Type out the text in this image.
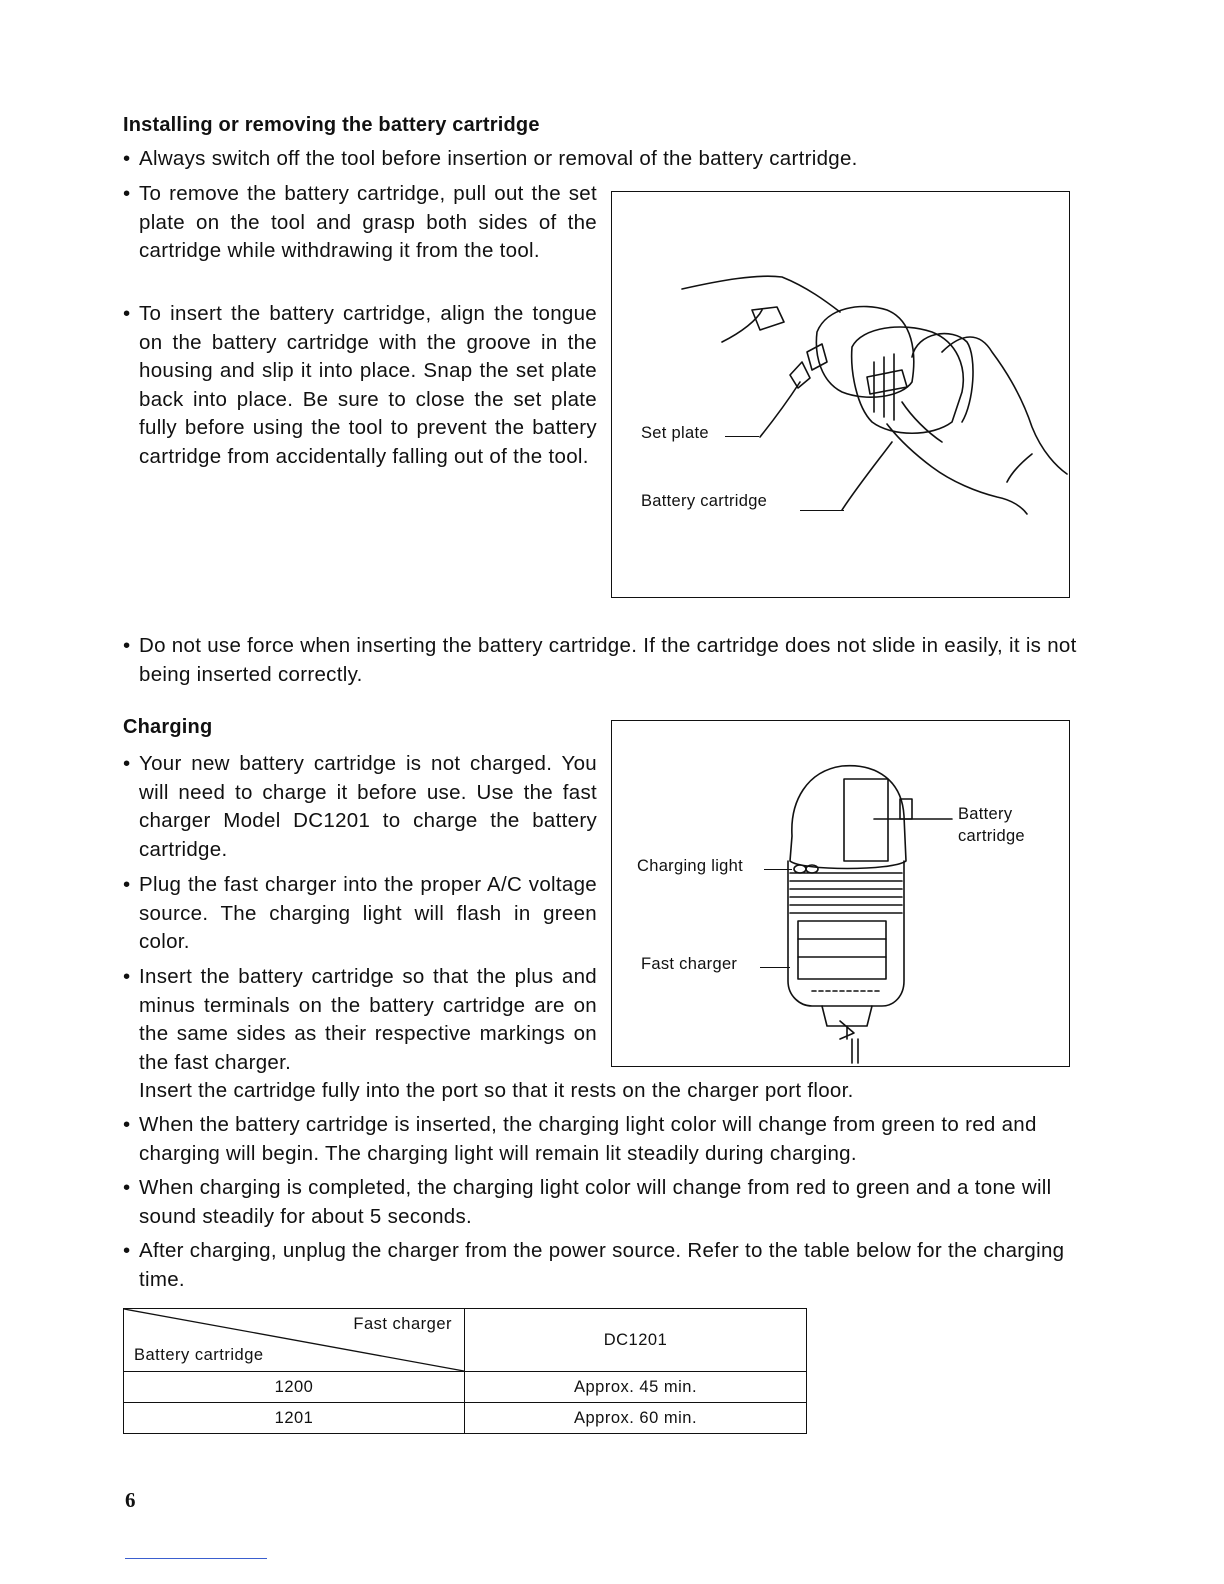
Installing or removing the battery cartridge

• Always switch off the tool before insertion or removal of the battery cartridge.

• To remove the battery cartridge, pull out the set plate on the tool and grasp both sides of the cartridge while withdrawing it from the tool.

• To insert the battery cartridge, align the tongue on the battery cartridge with the groove in the housing and slip it into place. Snap the set plate back into place. Be sure to close the set plate fully before using the tool to prevent the battery cartridge from accidentally falling out of the tool.

Set plate
Battery cartridge

• Do not use force when inserting the battery cartridge. If the cartridge does not slide in easily, it is not being inserted correctly.

Charging

• Your new battery cartridge is not charged. You will need to charge it before use. Use the fast charger Model DC1201 to charge the battery cartridge.

• Plug the fast charger into the proper A/C voltage source. The charging light will flash in green color.

• Insert the battery cartridge so that the plus and minus terminals on the battery cartridge are on the same sides as their respective markings on the fast charger.

Insert the cartridge fully into the port so that it rests on the charger port floor.

Battery
cartridge
Charging light
Fast charger

• When the battery cartridge is inserted, the charging light color will change from green to red and charging will begin. The charging light will remain lit steadily during charging.

• When charging is completed, the charging light color will change from red to green and a tone will sound steadily for about 5 seconds.

• After charging, unplug the charger from the power source. Refer to the table below for the charging time.

Fast charger
Battery cartridge	DC1201
1200	Approx. 45 min.
1201	Approx. 60 min.
6
